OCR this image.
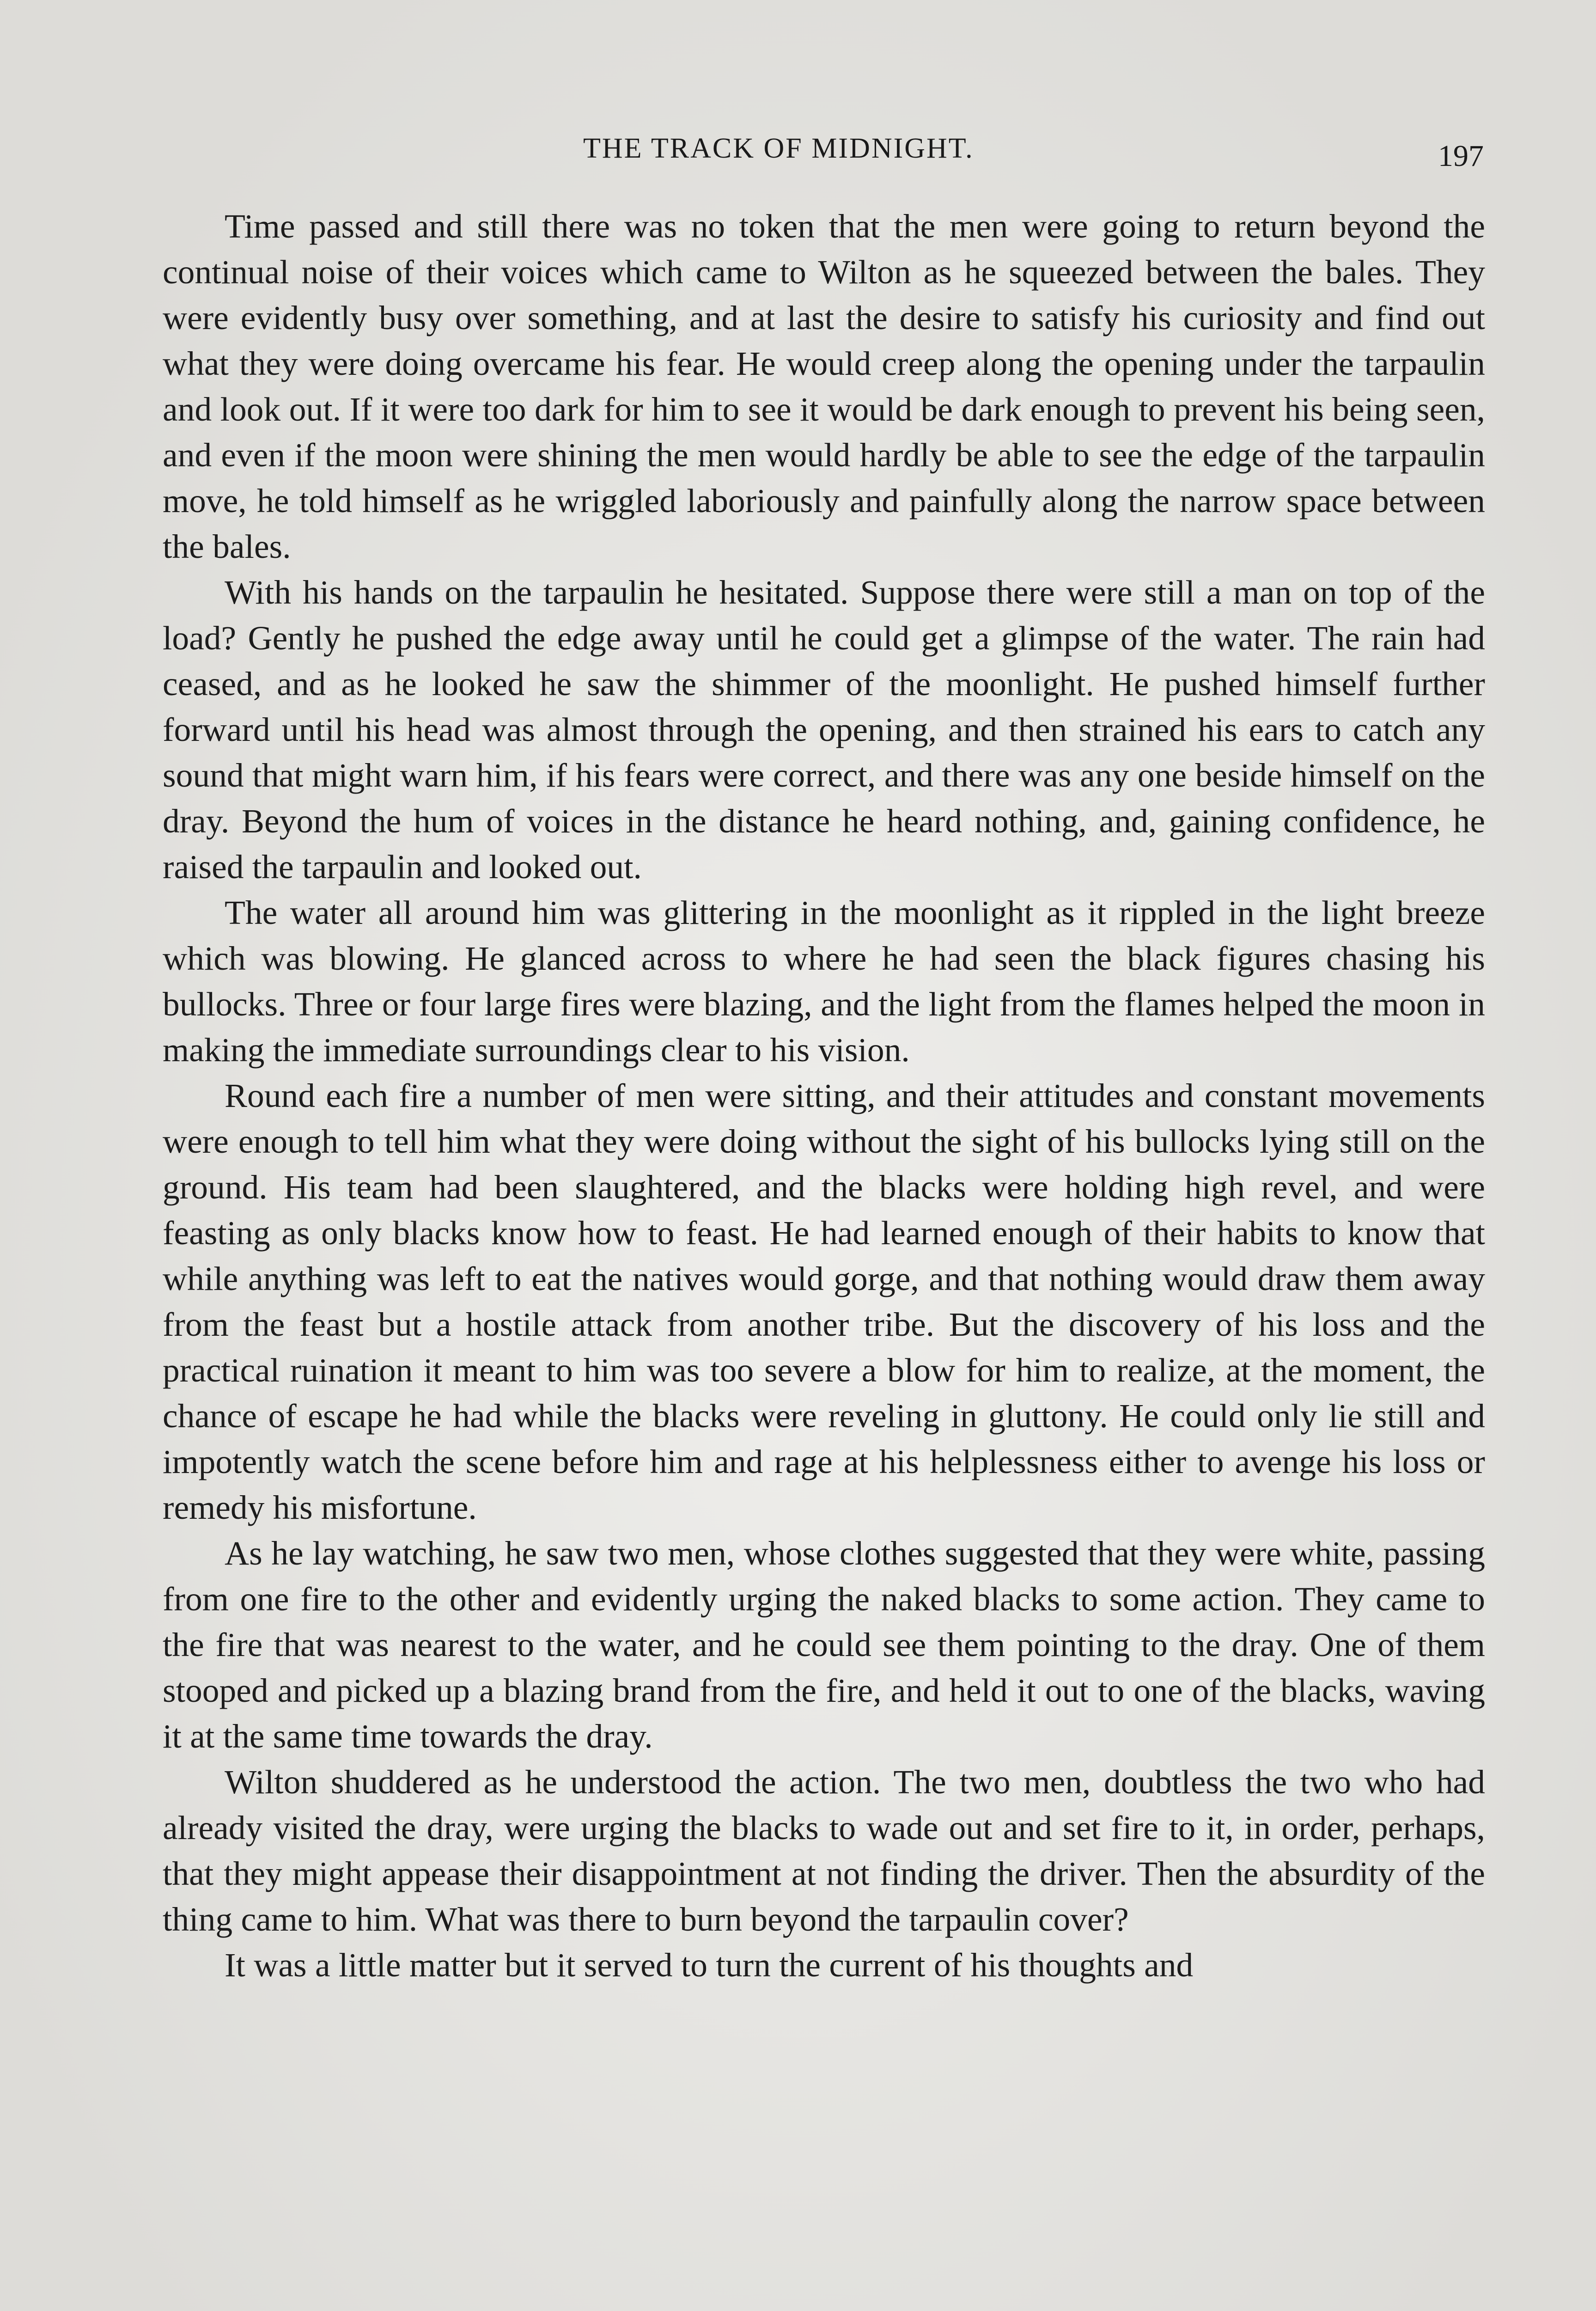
THE TRACK OF MIDNIGHT.	197

Time passed and still there was no token that the men were going to return beyond the continual noise of their voices which came to Wilton as he squeezed between the bales. They were evidently busy over something, and at last the desire to satisfy his curiosity and find out what they were doing overcame his fear. He would creep along the opening under the tarpaulin and look out. If it were too dark for him to see it would be dark enough to prevent his being seen, and even if the moon were shining the men would hardly be able to see the edge of the tarpaulin move, he told himself as he wriggled laboriously and painfully along the narrow space between the bales.

With his hands on the tarpaulin he hesitated. Suppose there were still a man on top of the load? Gently he pushed the edge away until he could get a glimpse of the water. The rain had ceased, and as he looked he saw the shimmer of the moonlight. He pushed himself further forward until his head was almost through the opening, and then strained his ears to catch any sound that might warn him, if his fears were correct, and there was any one beside himself on the dray. Beyond the hum of voices in the distance he heard nothing, and, gaining confidence, he raised the tarpaulin and looked out.

The water all around him was glittering in the moonlight as it rippled in the light breeze which was blowing. He glanced across to where he had seen the black figures chasing his bullocks. Three or four large fires were blazing, and the light from the flames helped the moon in making the immediate surroundings clear to his vision.

Round each fire a number of men were sitting, and their attitudes and constant movements were enough to tell him what they were doing without the sight of his bullocks lying still on the ground. His team had been slaughtered, and the blacks were holding high revel, and were feasting as only blacks know how to feast. He had learned enough of their habits to know that while anything was left to eat the natives would gorge, and that nothing would draw them away from the feast but a hostile attack from another tribe. But the discovery of his loss and the practical ruination it meant to him was too severe a blow for him to realize, at the moment, the chance of escape he had while the blacks were reveling in gluttony. He could only lie still and impotently watch the scene before him and rage at his helplessness either to avenge his loss or remedy his misfortune.

As he lay watching, he saw two men, whose clothes suggested that they were white, passing from one fire to the other and evidently urging the naked blacks to some action. They came to the fire that was nearest to the water, and he could see them pointing to the dray. One of them stooped and picked up a blazing brand from the fire, and held it out to one of the blacks, waving it at the same time towards the dray.

Wilton shuddered as he understood the action. The two men, doubtless the two who had already visited the dray, were urging the blacks to wade out and set fire to it, in order, perhaps, that they might appease their disappointment at not finding the driver. Then the absurdity of the thing came to him. What was there to burn beyond the tarpaulin cover?

It was a little matter but it served to turn the current of his thoughts and
